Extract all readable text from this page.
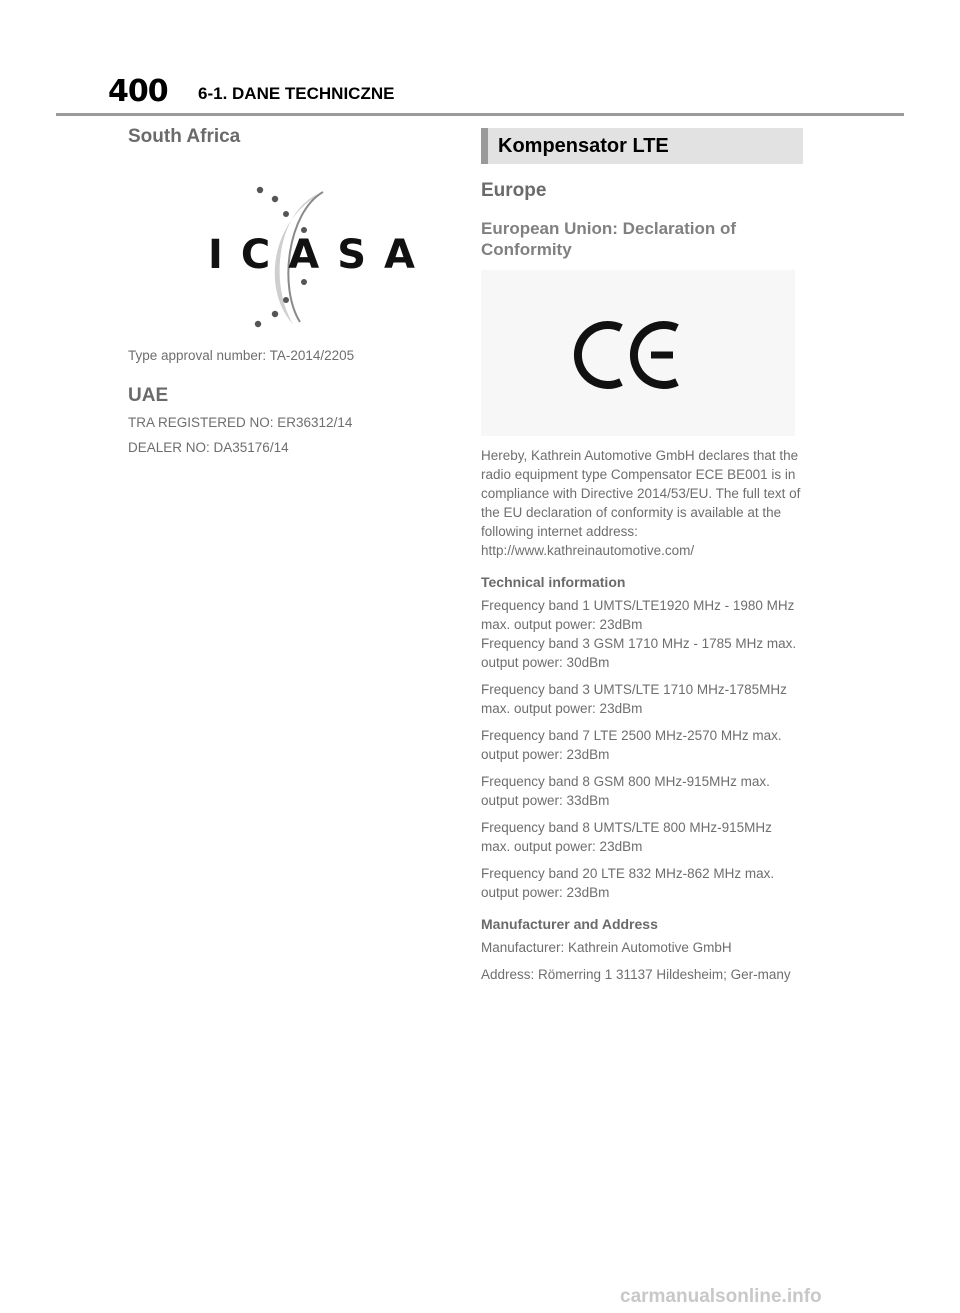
400 6-1. DANE TECHNICZNE
South Africa
ICASA

Type approval number: TA-2014/2205

UAE

TRA REGISTERED NO: ER36312/14

DEALER NO: DA35176/14

Kompensator LTE
Europe
European Union: Declaration of Conformity

Hereby, Kathrein Automotive GmbH declares that the radio equipment type Compensator ECE BE001 is in compliance with Directive 2014/53/EU. The full text of the EU declaration of conformity is available at the following internet address: http://www.kathreinautomotive.com/

Technical information

Frequency band 1 UMTS/LTE1920 MHz - 1980 MHz max. output power: 23dBm

Frequency band 3 GSM 1710 MHz - 1785 MHz max. output power: 30dBm

Frequency band 3 UMTS/LTE 1710 MHz-1785MHz max. output power: 23dBm

Frequency band 7 LTE 2500 MHz-2570 MHz max. output power: 23dBm

Frequency band 8 GSM 800 MHz-915MHz max. output power: 33dBm

Frequency band 8 UMTS/LTE 800 MHz-915MHz max. output power: 23dBm

Frequency band 20 LTE 832 MHz-862 MHz max. output power: 23dBm

Manufacturer and Address

Manufacturer: Kathrein Automotive GmbH

Address: Römerring 1 31137 Hildesheim; Ger-many

carmanualsonline.info
